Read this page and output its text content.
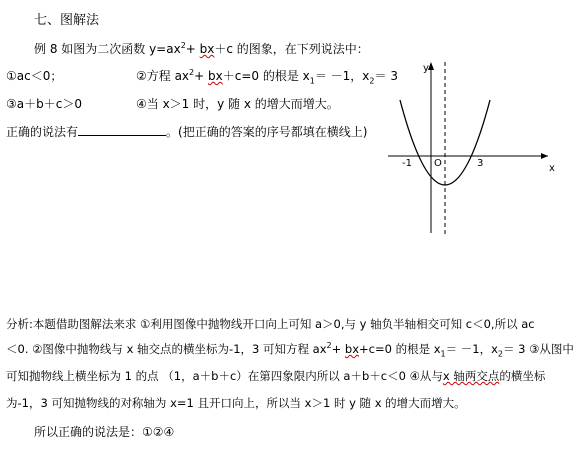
七、图解法
例 8 如图为二次函数 $y=ax^2+ bx+c$ 的图象，在下列说法中：
①ac＜0；	②方程 $ax^2+ bx+c=0$ 的根是 $x_1= -1$，$x_2= 3$
③a＋b＋c＞0	④当 x＞1 时，y 随 x 的增大而增大。
正确的说法有	。(把正确的答案的序号都填在横线上)
y
x
-1 O	3
分析:本题借助图解法来求 ①利用图像中抛物线开口向上可知 a＞0,与 y 轴负半轴相交可知 c＜0,所以 ac
＜0. ②图像中抛物线与 x 轴交点的横坐标为-1，3 可知方程 $ax^2+ bx+c=0$ 的根是 $x_1= -1$，$x_2= 3$ ③从图中
可知抛物线上横坐标为 1 的点 （1，a＋b＋c）在第四象限内所以 a＋b＋c＜0 ④从与x 轴两交点的横坐标
为-1，3 可知抛物线的对称轴为 x=1 且开口向上，所以当 x＞1 时 y 随 x 的增大而增大。
所以正确的说法是：①②④
